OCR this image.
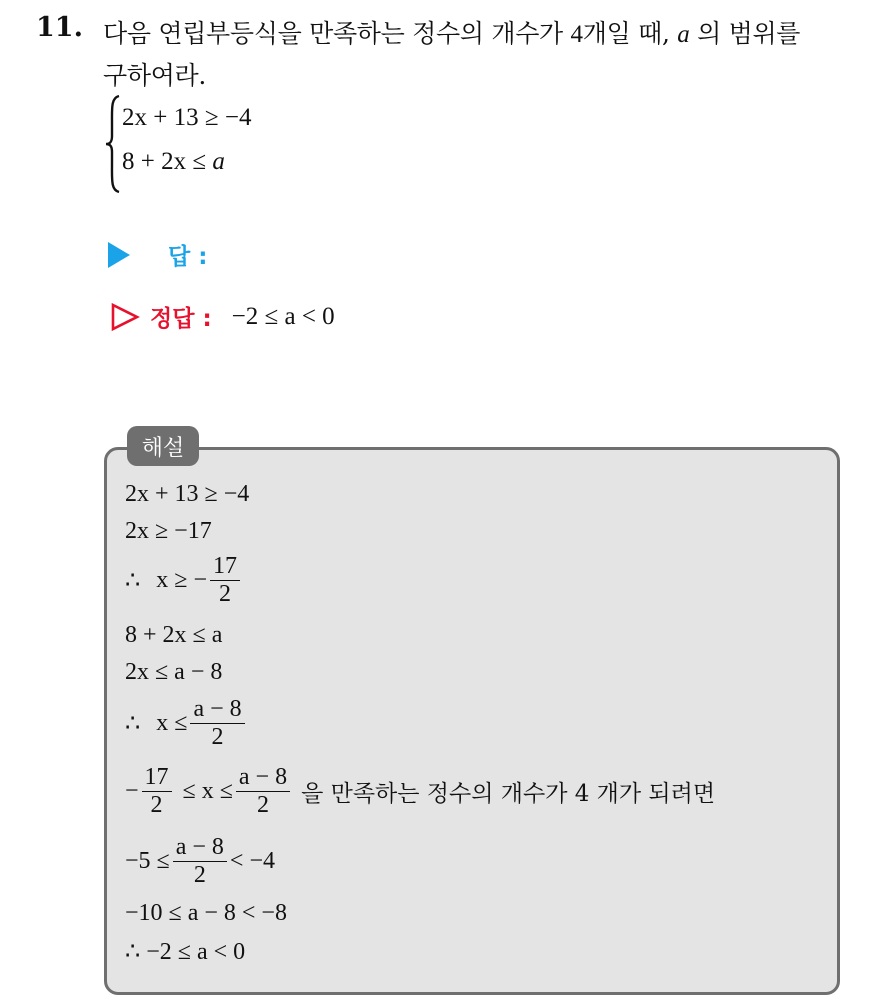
11. 다음 연립부등식을 만족하는 정수의 개수가 4개일 때, a 의 범위를
구하여라.
2x + 13 ≥ −4
8 + 2x ≤ a
답 :
정답 : −2 ≤ a < 0
해설
2x + 13 ≥ −4
2x ≥ −17
∴ x ≥ − $\frac{17}{2}$
8 + 2x ≤ a
2x ≤ a − 8
∴ $x \le \frac{a - 8}{2}$
− $\frac{17}{2} \le x \le \frac{a - 8}{2}$ 을 만족하는 정수의 개수가 4 개가 되려면
$-5 \le \frac{a - 8}{2} < -4$
−10 ≤ a − 8 < −8
∴ −2 ≤ a < 0
